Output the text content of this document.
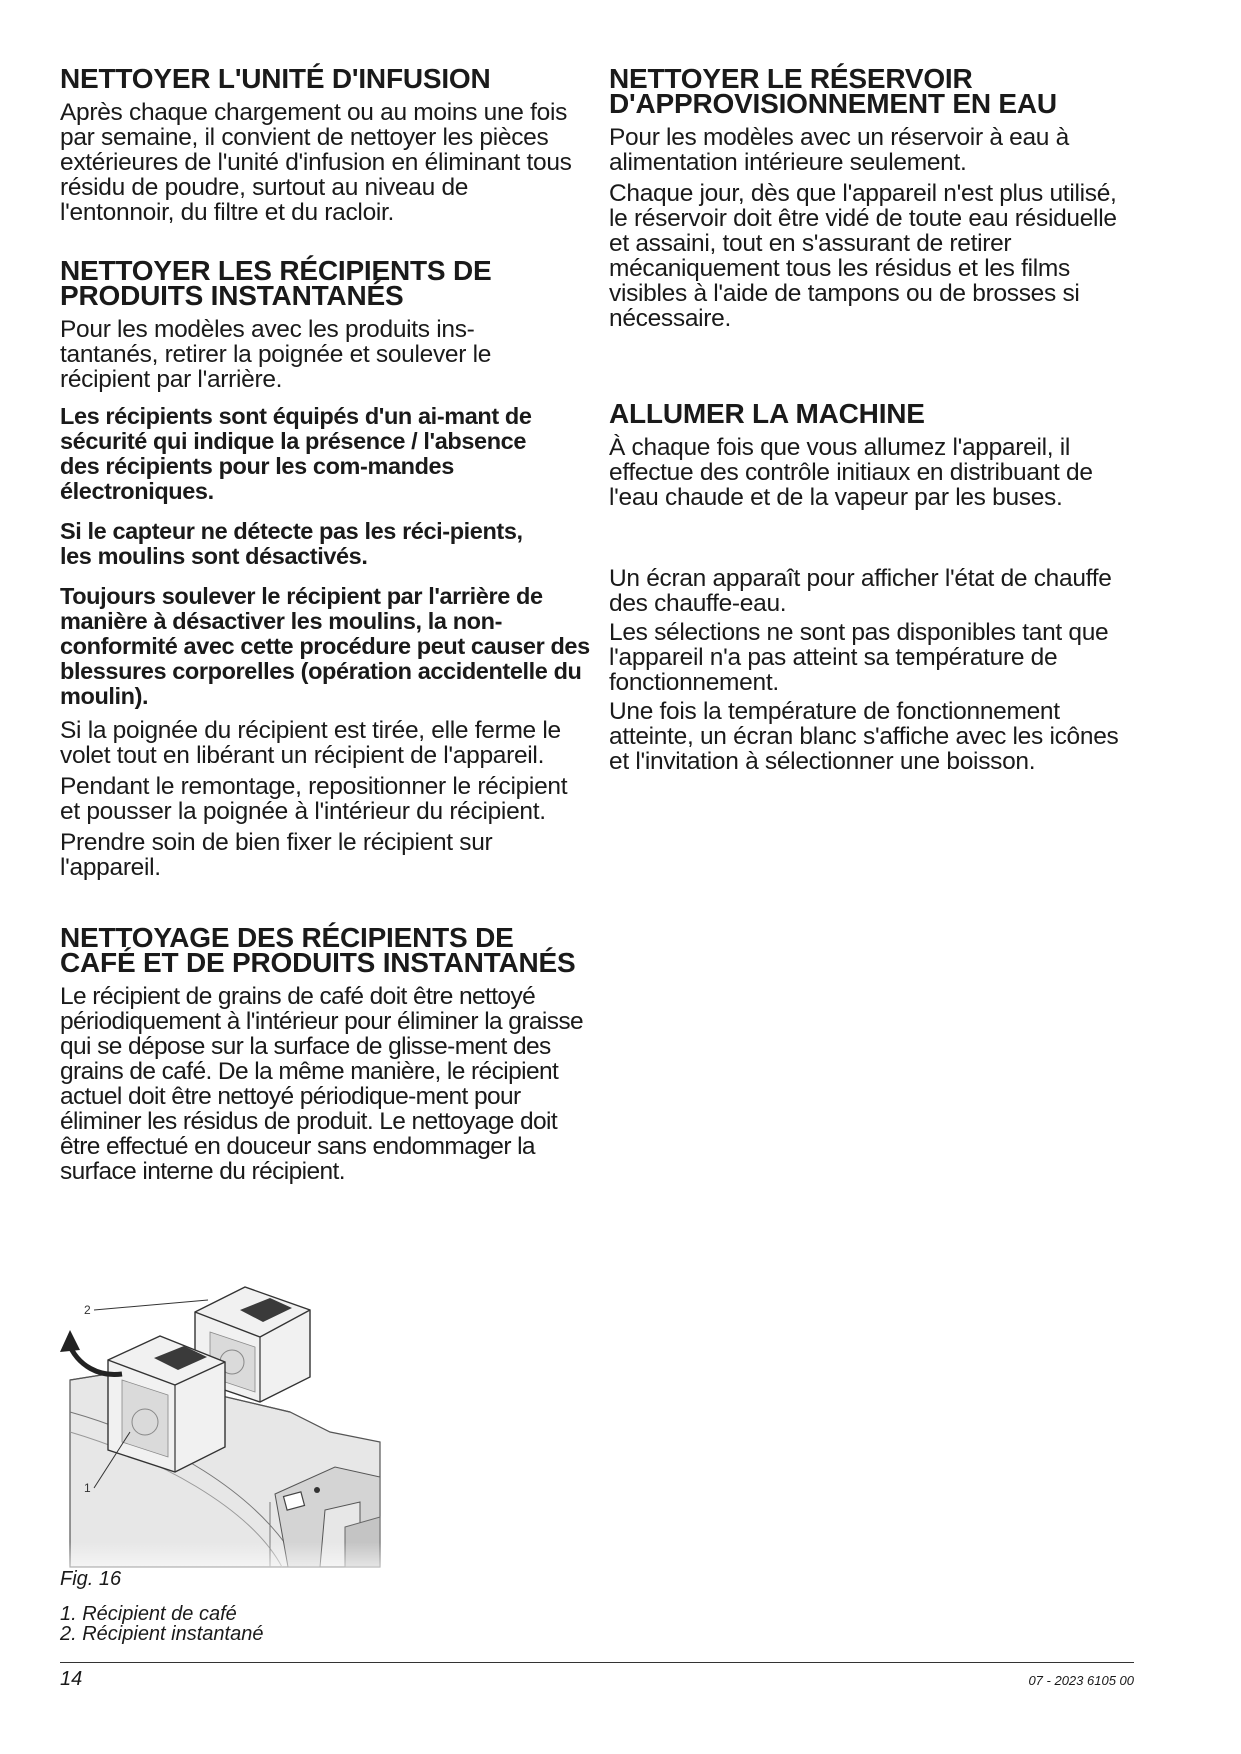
NETTOYER L'UNITÉ D'INFUSION

Après chaque chargement ou au moins une fois par semaine, il convient de nettoyer les pièces extérieures de l'unité d'infusion en éliminant tous résidu de poudre, surtout au niveau de l'entonnoir, du filtre et du racloir.

NETTOYER LES RÉCIPIENTS DE PRODUITS INSTANTANÉS

Pour les modèles avec les produits ins-tantanés, retirer la poignée et soulever le récipient par l'arrière.

Les récipients sont équipés d'un ai-mant de sécurité qui indique la présence / l'absence des récipients pour les com-mandes électroniques.

Si le capteur ne détecte pas les réci-pients, les moulins sont désactivés.

Toujours soulever le récipient par l'arrière de manière à désactiver les moulins, la non-conformité avec cette procédure peut causer des blessures corporelles (opération accidentelle du moulin).

Si la poignée du récipient est tirée, elle ferme le volet tout en libérant un récipient de l'appareil.

Pendant le remontage, repositionner le récipient et pousser la poignée à l'intérieur du récipient.

Prendre soin de bien fixer le récipient sur l'appareil.

NETTOYAGE DES RÉCIPIENTS DE CAFÉ ET DE PRODUITS INSTANTANÉS

Le récipient de grains de café doit être nettoyé périodiquement à l'intérieur pour éliminer la graisse qui se dépose sur la surface de glisse-ment des grains de café. De la même manière, le récipient actuel doit être nettoyé périodique-ment pour éliminer les résidus de produit. Le nettoyage doit être effectué en douceur sans endommager la surface interne du récipient.

NETTOYER LE RÉSERVOIR D'APPROVISIONNEMENT EN EAU

Pour les modèles avec un réservoir à eau à alimentation intérieure seulement.

Chaque jour, dès que l'appareil n'est plus utilisé, le réservoir doit être vidé de toute eau résiduelle et assaini, tout en s'assurant de retirer mécaniquement tous les résidus et les films visibles à l'aide de tampons ou de brosses si nécessaire.

ALLUMER LA MACHINE

À chaque fois que vous allumez l'appareil, il effectue des contrôle initiaux en distribuant de l'eau chaude et de la vapeur par les buses.

Un écran apparaît pour afficher l'état de chauffe des chauffe-eau.

Les sélections ne sont pas disponibles tant que l'appareil n'a pas atteint sa température de fonctionnement.

Une fois la température de fonctionnement atteinte, un écran blanc s'affiche avec les icônes et l'invitation à sélectionner une boisson.

2
1
Fig. 16
1. Récipient de café
2. Récipient instantané
14	07 - 2023 6105 00
